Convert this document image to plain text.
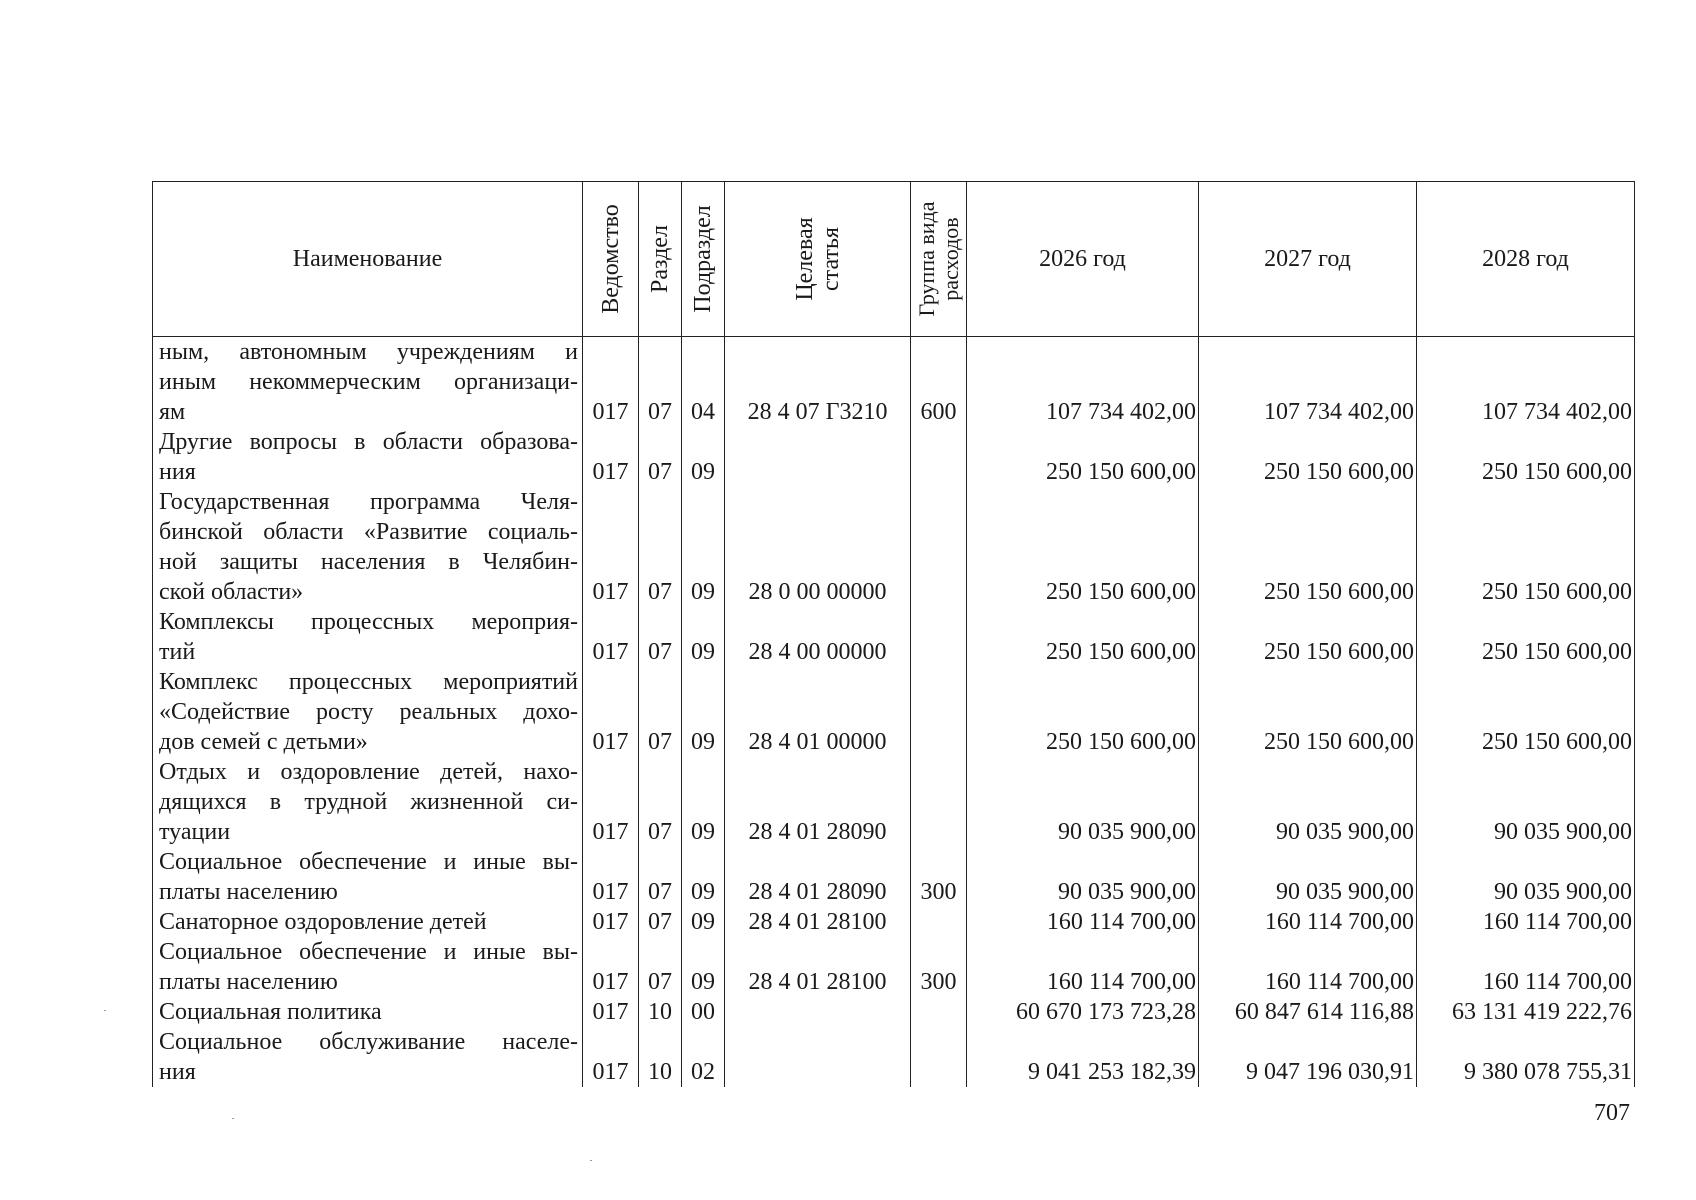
Наименование	Ведомство	Раздел	Подраздел	Целевая статья	Группа вида расходов	2026 год	2027 год	2028 год

ным, автономным учреждениям и
иным некоммерческим организаци-
ям	017	07	04	28 4 07 Г3210	600	107 734 402,00	107 734 402,00	107 734 402,00

Другие вопросы в области образова-
ния	017	07	09			250 150 600,00	250 150 600,00	250 150 600,00

Государственная программа Челя-
бинской области «Развитие социаль-
ной защиты населения в Челябин-
ской области»	017	07	09	28 0 00 00000		250 150 600,00	250 150 600,00	250 150 600,00

Комплексы процессных мероприя-
тий	017	07	09	28 4 00 00000		250 150 600,00	250 150 600,00	250 150 600,00

Комплекс процессных мероприятий
«Содействие росту реальных дохо-
дов семей с детьми»	017	07	09	28 4 01 00000		250 150 600,00	250 150 600,00	250 150 600,00

Отдых и оздоровление детей, нахо-
дящихся в трудной жизненной си-
туации	017	07	09	28 4 01 28090		90 035 900,00	90 035 900,00	90 035 900,00

Социальное обеспечение и иные вы-
платы населению	017	07	09	28 4 01 28090	300	90 035 900,00	90 035 900,00	90 035 900,00

Санаторное оздоровление детей	017	07	09	28 4 01 28100		160 114 700,00	160 114 700,00	160 114 700,00

Социальное обеспечение и иные вы-
платы населению	017	07	09	28 4 01 28100	300	160 114 700,00	160 114 700,00	160 114 700,00

Социальная политика	017	10	00			60 670 173 723,28	60 847 614 116,88	63 131 419 222,76

Социальное обслуживание населе-
ния	017	10	02			9 041 253 182,39	9 047 196 030,91	9 380 078 755,31
707
